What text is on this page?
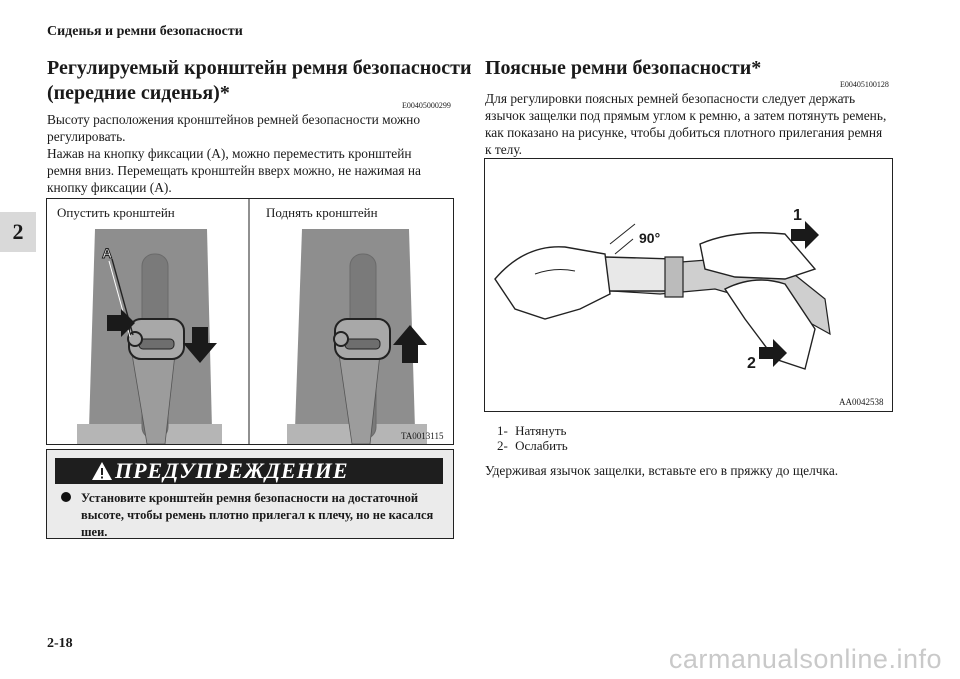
Сиденья и ремни безопасности
2
Регулируемый кронштейн ремня безопасности
(передние сиденья)*
E00405000299
Высоту расположения кронштейнов ремней безопасности можно
регулировать.
Нажав на кнопку фиксации (A), можно переместить кронштейн
ремня вниз. Перемещать кронштейн вверх можно, не нажимая на
кнопку фиксации (A).
Опустить кронштейн	Поднять кронштейн
A
TA0013115
ПРЕДУПРЕЖДЕНИЕ
Установите кронштейн ремня безопасности на достаточной высоте, чтобы ремень плотно прилегал к плечу, но не касался шеи.
Поясные ремни безопасности*
E00405100128
Для регулировки поясных ремней безопасности следует держать
язычок защелки под прямым углом к ремню, а затем потянуть ремень,
как показано на рисунке, чтобы добиться плотного прилегания ремня
к телу.
90°
1
2
AA0042538
1- Натянуть
2- Ослабить
Удерживая язычок защелки, вставьте его в пряжку до щелчка.
2-18
carmanualsonline.info
